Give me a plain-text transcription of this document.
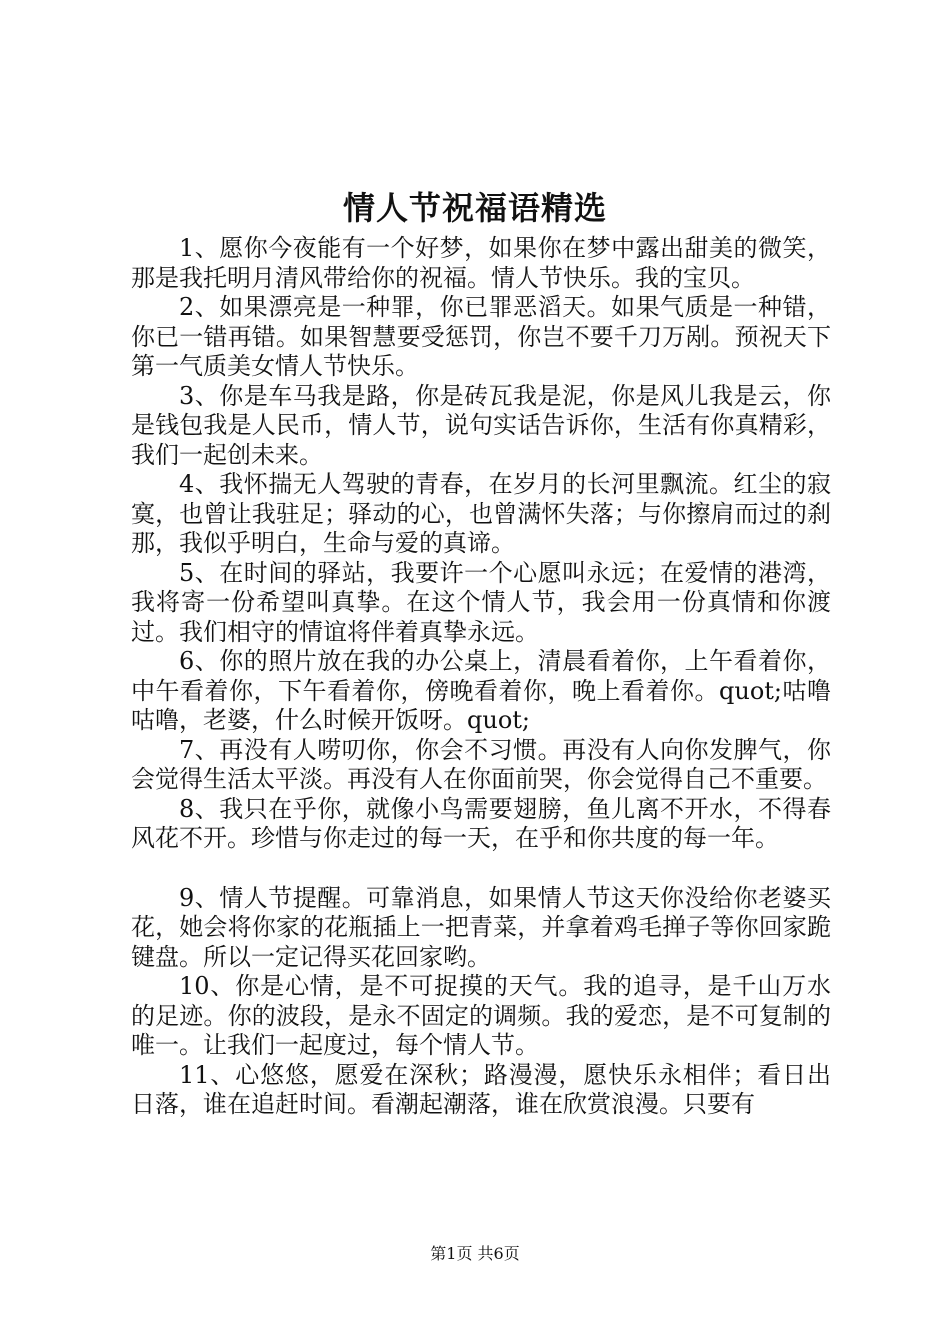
情人节祝福语精选

1、愿你今夜能有一个好梦，如果你在梦中露出甜美的微笑，那是我托明月清风带给你的祝福。情人节快乐。我的宝贝。

2、如果漂亮是一种罪，你已罪恶滔天。如果气质是一种错，你已一错再错。如果智慧要受惩罚，你岂不要千刀万剐。预祝天下第一气质美女情人节快乐。

3、你是车马我是路，你是砖瓦我是泥，你是风儿我是云，你是钱包我是人民币，情人节，说句实话告诉你，生活有你真精彩，我们一起创未来。

4、我怀揣无人驾驶的青春，在岁月的长河里飘流。红尘的寂寞，也曾让我驻足；驿动的心，也曾满怀失落；与你擦肩而过的刹那，我似乎明白，生命与爱的真谛。

5、在时间的驿站，我要许一个心愿叫永远；在爱情的港湾，我将寄一份希望叫真挚。在这个情人节，我会用一份真情和你渡过。我们相守的情谊将伴着真挚永远。

6、你的照片放在我的办公桌上，清晨看着你，上午看着你，中午看着你，下午看着你，傍晚看着你，晚上看着你。quot;咕噜咕噜，老婆，什么时候开饭呀。quot;

7、再没有人唠叨你，你会不习惯。再没有人向你发脾气，你会觉得生活太平淡。再没有人在你面前哭，你会觉得自己不重要。

8、我只在乎你，就像小鸟需要翅膀，鱼儿离不开水，不得春风花不开。珍惜与你走过的每一天，在乎和你共度的每一年。

9、情人节提醒。可靠消息，如果情人节这天你没给你老婆买花，她会将你家的花瓶插上一把青菜，并拿着鸡毛掸子等你回家跪键盘。所以一定记得买花回家哟。

10、你是心情，是不可捉摸的天气。我的追寻，是千山万水的足迹。你的波段，是永不固定的调频。我的爱恋，是不可复制的唯一。让我们一起度过，每个情人节。

11、心悠悠，愿爱在深秋；路漫漫，愿快乐永相伴；看日出日落，谁在追赶时间。看潮起潮落，谁在欣赏浪漫。只要有

第1页 共6页
